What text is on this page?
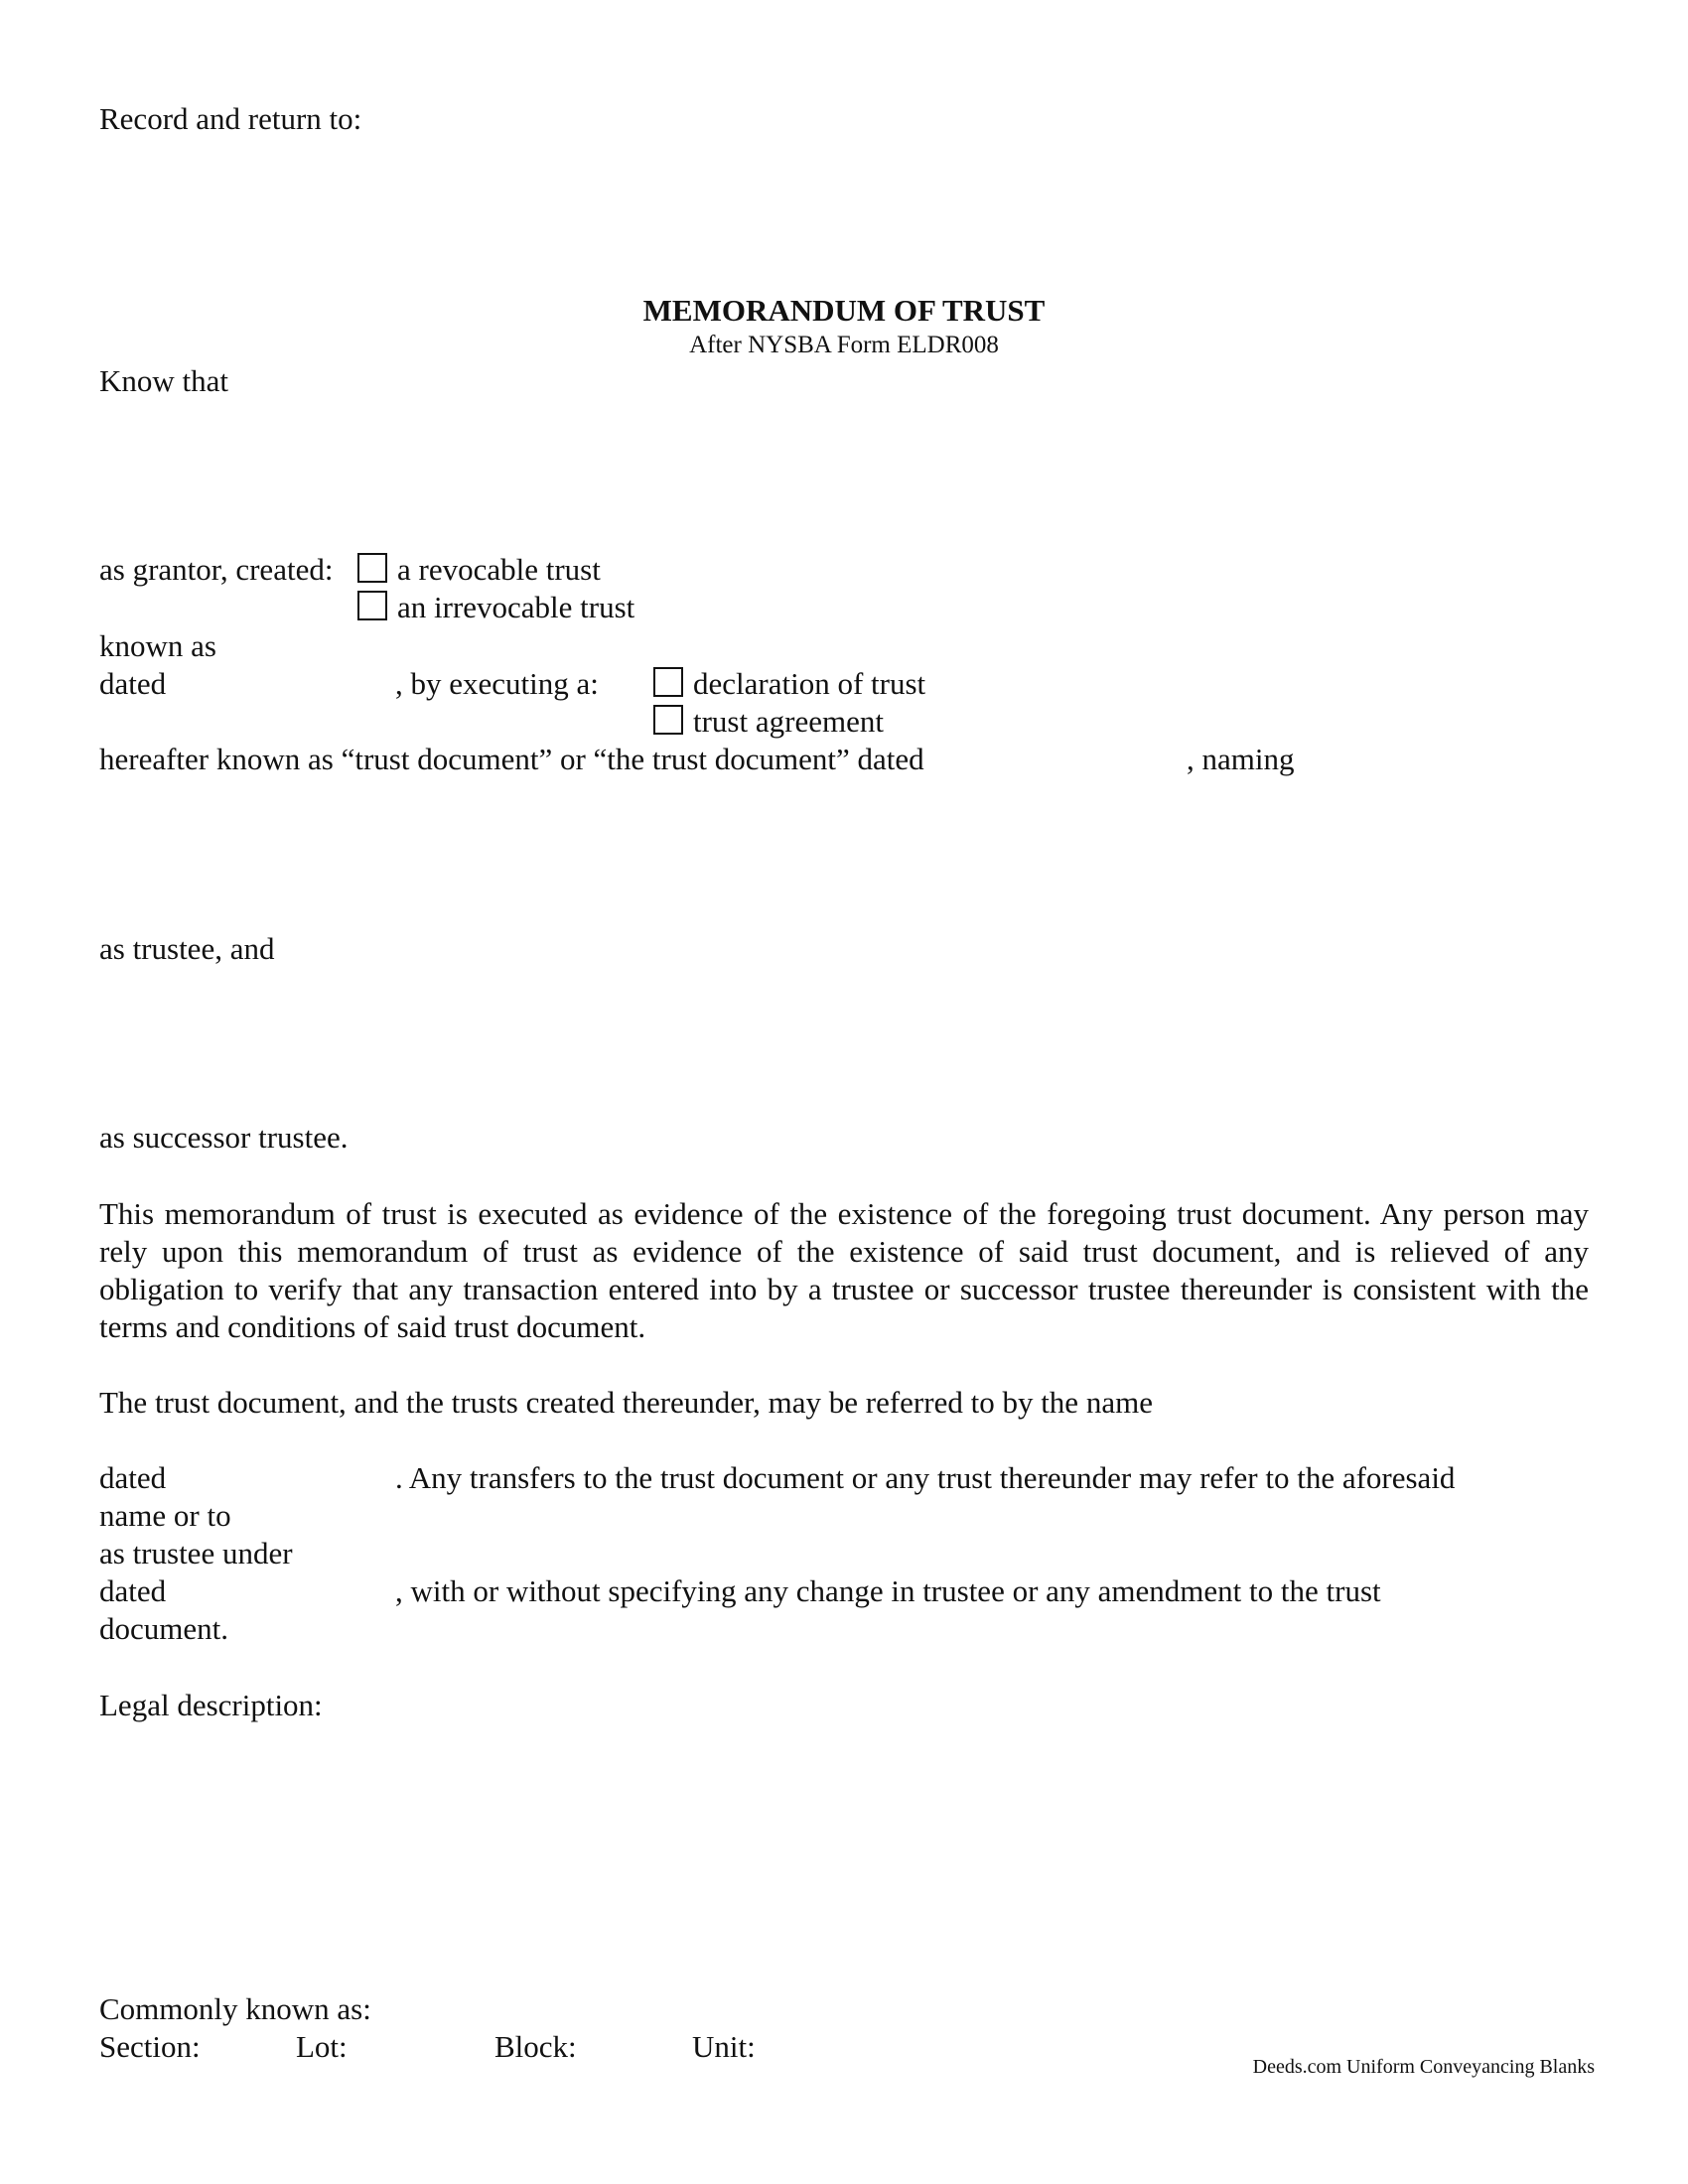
Record and return to:
MEMORANDUM OF TRUST
After NYSBA Form ELDR008
Know that
as grantor, created: a revocable trust
an irrevocable trust
known as
dated	, by executing a:	declaration of trust
trust agreement
hereafter known as “trust document” or “the trust document” dated	, naming
as trustee, and
as successor trustee.
This memorandum of trust is executed as evidence of the existence of the foregoing trust document. Any person may rely upon this memorandum of trust as evidence of the existence of said trust document, and is relieved of any obligation to verify that any transaction entered into by a trustee or successor trustee thereunder is consistent with the terms and conditions of said trust document.
The trust document, and the trusts created thereunder, may be referred to by the name
dated	. Any transfers to the trust document or any trust thereunder may refer to the aforesaid
name or to
as trustee under
dated	, with or without specifying any change in trustee or any amendment to the trust
document.
Legal description:
Commonly known as:
Section:	Lot:	Block:	Unit:
Deeds.com Uniform Conveyancing Blanks
